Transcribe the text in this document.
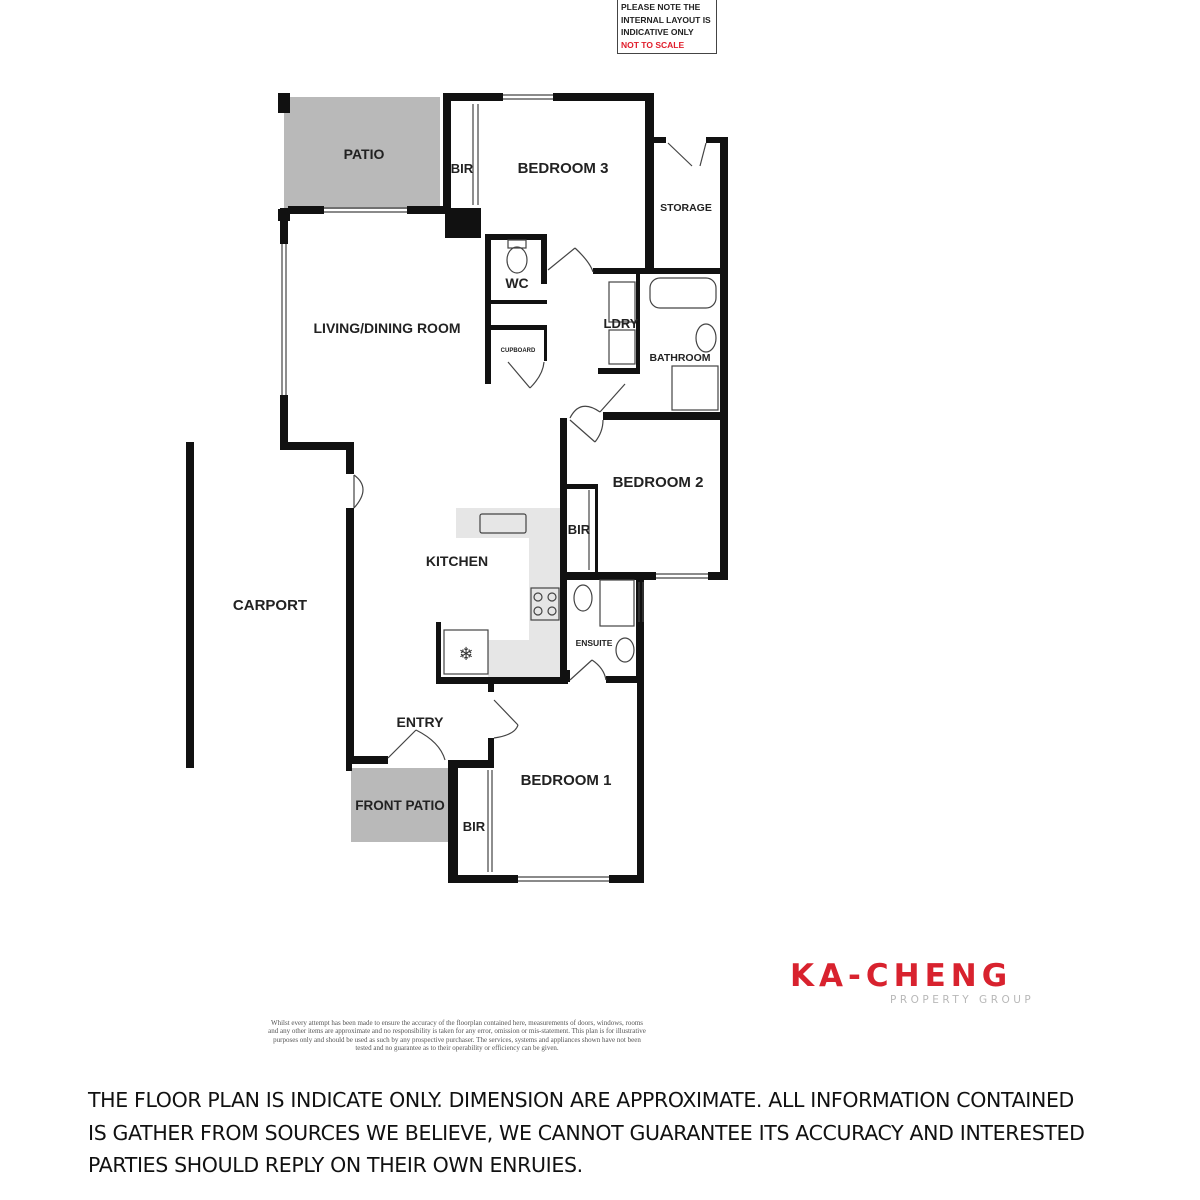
❄
PATIO
BIR	BEDROOM 3
STORAGE
WC
LIVING/DINING ROOM
CUPBOARD
LDRY
BATHROOM
BEDROOM 2
BIR
KITCHEN
CARPORT
ENSUITE
ENTRY
BEDROOM 1
FRONT PATIO
BIR
PLEASE NOTE THE
INTERNAL LAYOUT IS
INDICATIVE ONLY
NOT TO SCALE
KA-CHENG
PROPERTY GROUP
Whilst every attempt has been made to ensure the accuracy of the floorplan contained here, measurements of doors, windows, rooms and any other items are approximate and no responsibility is taken for any error, omission or mis-statement. This plan is for illustrative purposes only and should be used as such by any prospective purchaser. The services, systems and appliances shown have not been tested and no guarantee as to their operability or efficiency can be given.
THE FLOOR PLAN IS INDICATE ONLY. DIMENSION ARE APPROXIMATE. ALL INFORMATION CONTAINED IS GATHER FROM SOURCES WE BELIEVE, WE CANNOT GUARANTEE ITS ACCURACY AND INTERESTED PARTIES SHOULD REPLY ON THEIR OWN ENRUIES.
